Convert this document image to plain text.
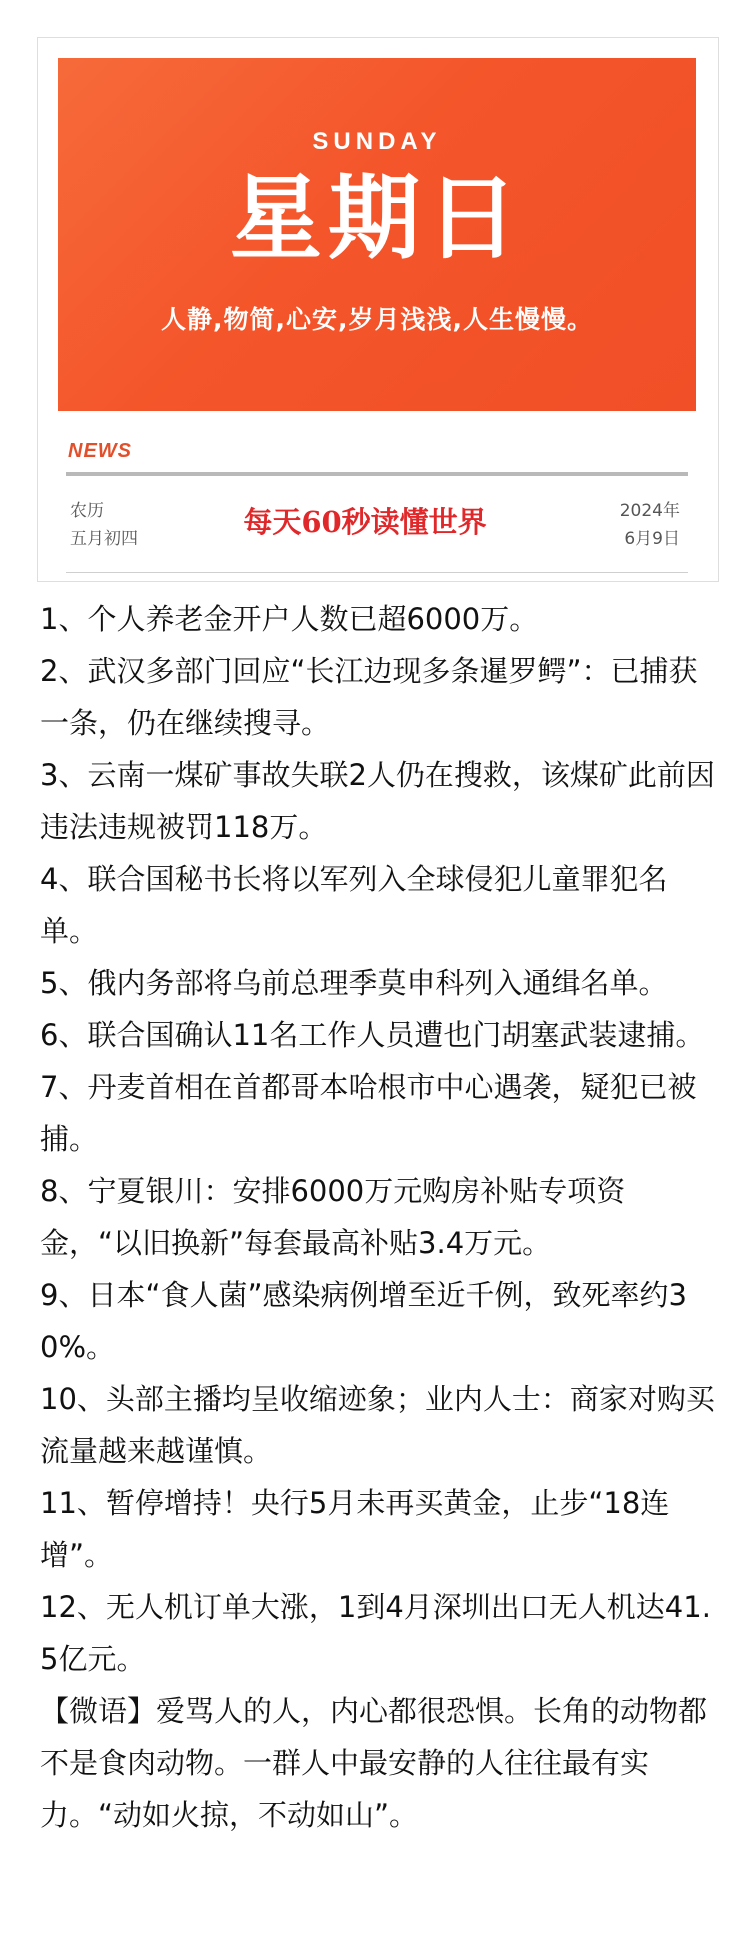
SUNDAY
星期日
人静,物简,心安,岁月浅浅,人生慢慢。
NEWS
农历
五月初四	每天60秒读懂世界	2024年
6月9日
1、个人养老金开户人数已超6000万。
2、武汉多部门回应“长江边现多条暹罗鳄”：已捕获一条，仍在继续搜寻。
3、云南一煤矿事故失联2人仍在搜救，该煤矿此前因违法违规被罚118万。
4、联合国秘书长将以军列入全球侵犯儿童罪犯名单。
5、俄内务部将乌前总理季莫申科列入通缉名单。
6、联合国确认11名工作人员遭也门胡塞武装逮捕。
7、丹麦首相在首都哥本哈根市中心遇袭，疑犯已被捕。
8、宁夏银川：安排6000万元购房补贴专项资金，“以旧换新”每套最高补贴3.4万元。
9、日本“食人菌”感染病例增至近千例，致死率约30%。
10、头部主播均呈收缩迹象；业内人士：商家对购买流量越来越谨慎。
11、暂停增持！央行5月未再买黄金，止步“18连增”。
12、无人机订单大涨，1到4月深圳出口无人机达41.5亿元。
【微语】爱骂人的人，内心都很恐惧。长角的动物都不是食肉动物。一群人中最安静的人往往最有实力。“动如火掠，不动如山”。
